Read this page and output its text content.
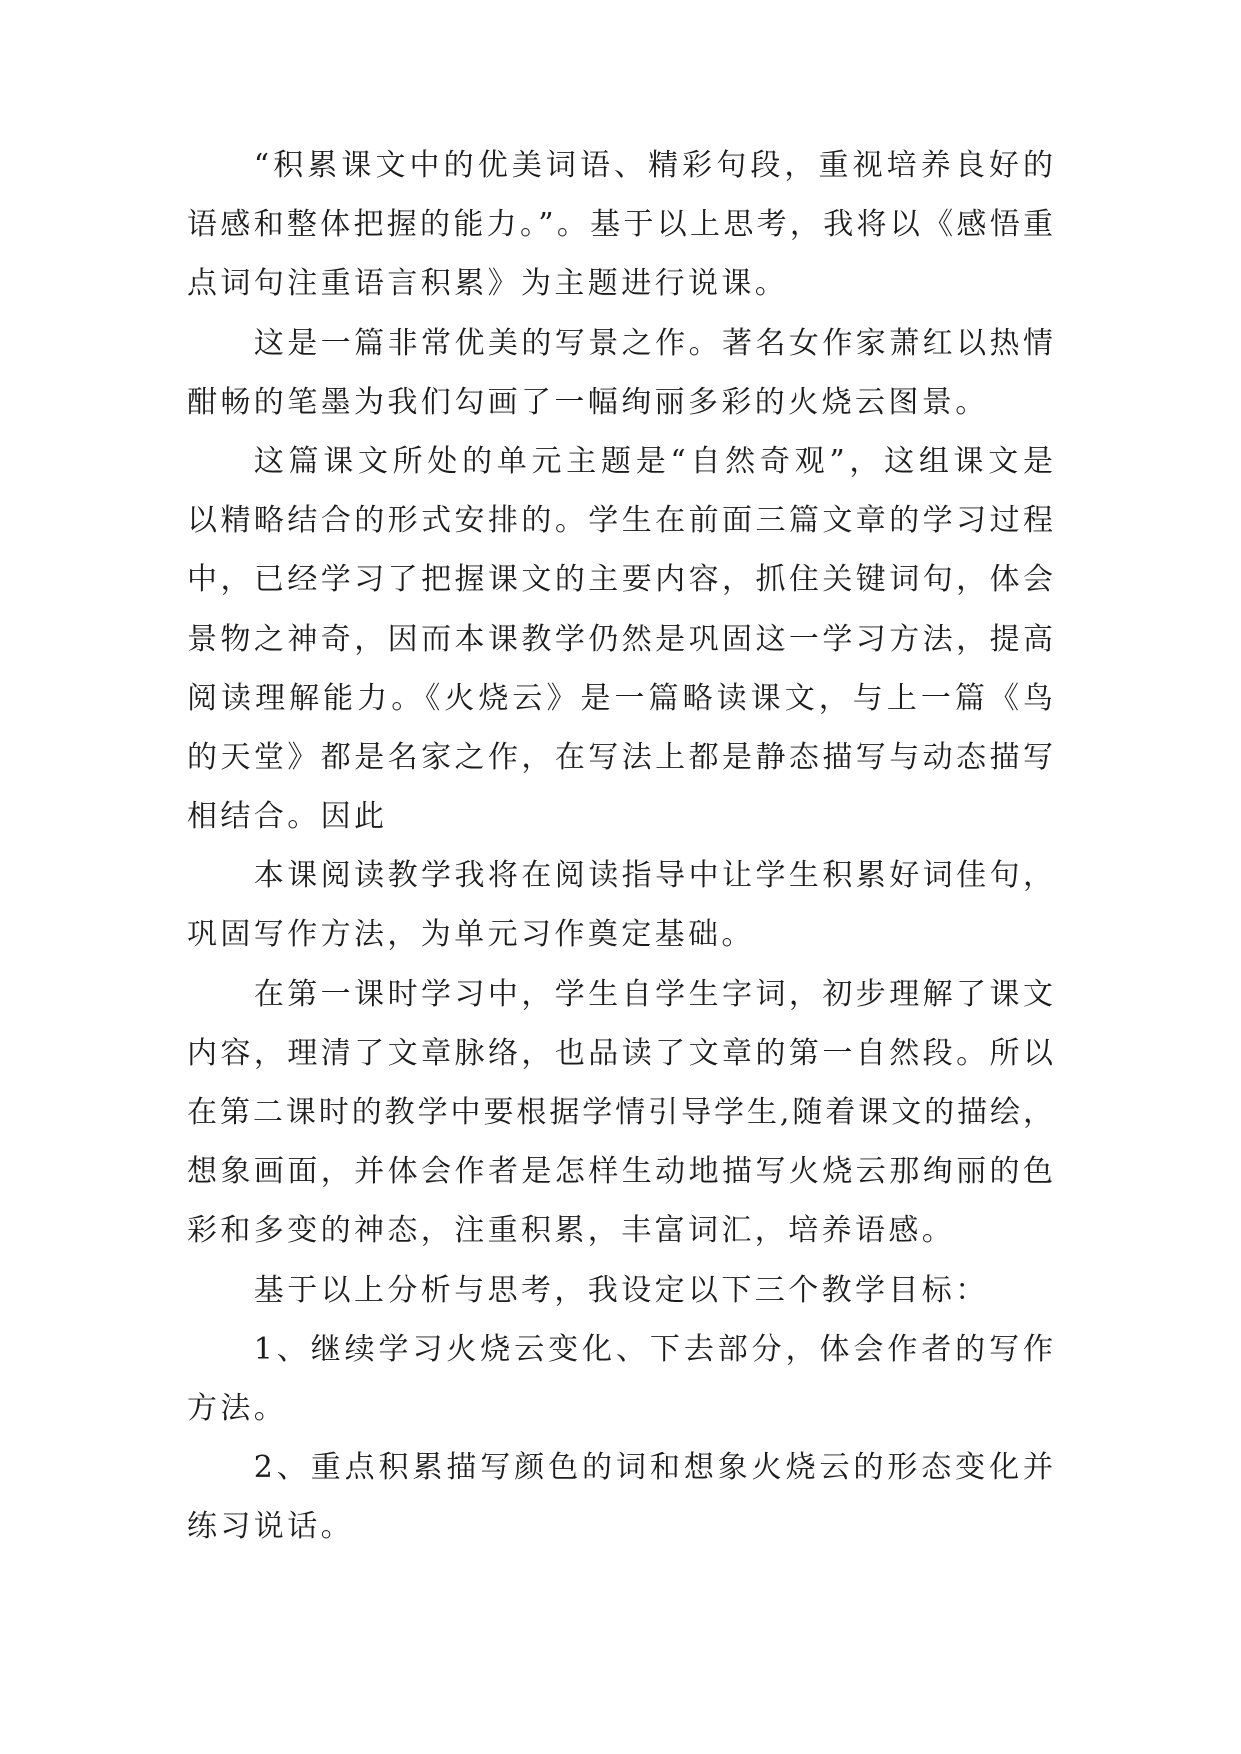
“积累课文中的优美词语、精彩句段，重视培养良好的
语感和整体把握的能力。”。基于以上思考，我将以《感悟重
点词句注重语言积累》为主题进行说课。
这是一篇非常优美的写景之作。著名女作家萧红以热情
酣畅的笔墨为我们勾画了一幅绚丽多彩的火烧云图景。
这篇课文所处的单元主题是“自然奇观”，这组课文是
以精略结合的形式安排的。学生在前面三篇文章的学习过程
中，已经学习了把握课文的主要内容，抓住关键词句，体会
景物之神奇，因而本课教学仍然是巩固这一学习方法，提高
阅读理解能力。《火烧云》是一篇略读课文，与上一篇《鸟
的天堂》都是名家之作，在写法上都是静态描写与动态描写
相结合。因此
本课阅读教学我将在阅读指导中让学生积累好词佳句，
巩固写作方法，为单元习作奠定基础。
在第一课时学习中，学生自学生字词，初步理解了课文
内容，理清了文章脉络，也品读了文章的第一自然段。所以
在第二课时的教学中要根据学情引导学生,随着课文的描绘，
想象画面，并体会作者是怎样生动地描写火烧云那绚丽的色
彩和多变的神态，注重积累，丰富词汇，培养语感。
基于以上分析与思考，我设定以下三个教学目标：
1、继续学习火烧云变化、下去部分，体会作者的写作
方法。
2、重点积累描写颜色的词和想象火烧云的形态变化并
练习说话。
